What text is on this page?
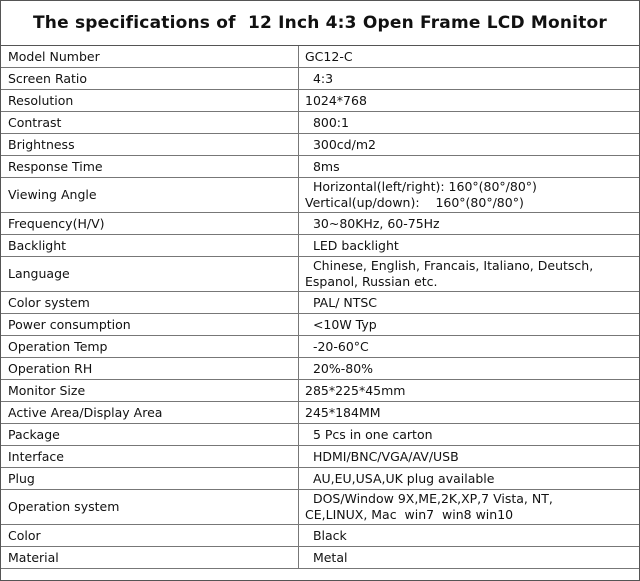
The specifications of  12 Inch 4:3 Open Frame LCD Monitor
Model Number	GC12-C
Screen Ratio	4:3
Resolution	1024*768
Contrast	800:1
Brightness	300cd/m2
Response Time	8ms
Viewing Angle	Horizontal(left/right): 160°(80°/80°)
Vertical(up/down):    160°(80°/80°)
Frequency(H/V)	30~80KHz, 60-75Hz
Backlight	LED backlight
Language	Chinese, English, Francais, Italiano, Deutsch,
Espanol, Russian etc.
Color system	PAL/ NTSC
Power consumption	<10W Typ
Operation Temp	-20-60°C
Operation RH	20%-80%
Monitor Size	285*225*45mm
Active Area/Display Area	245*184MM
Package	5 Pcs in one carton
Interface	HDMI/BNC/VGA/AV/USB
Plug	AU,EU,USA,UK plug available
Operation system	DOS/Window 9X,ME,2K,XP,7 Vista, NT,
CE,LINUX, Mac  win7  win8 win10
Color	Black
Material	Metal
